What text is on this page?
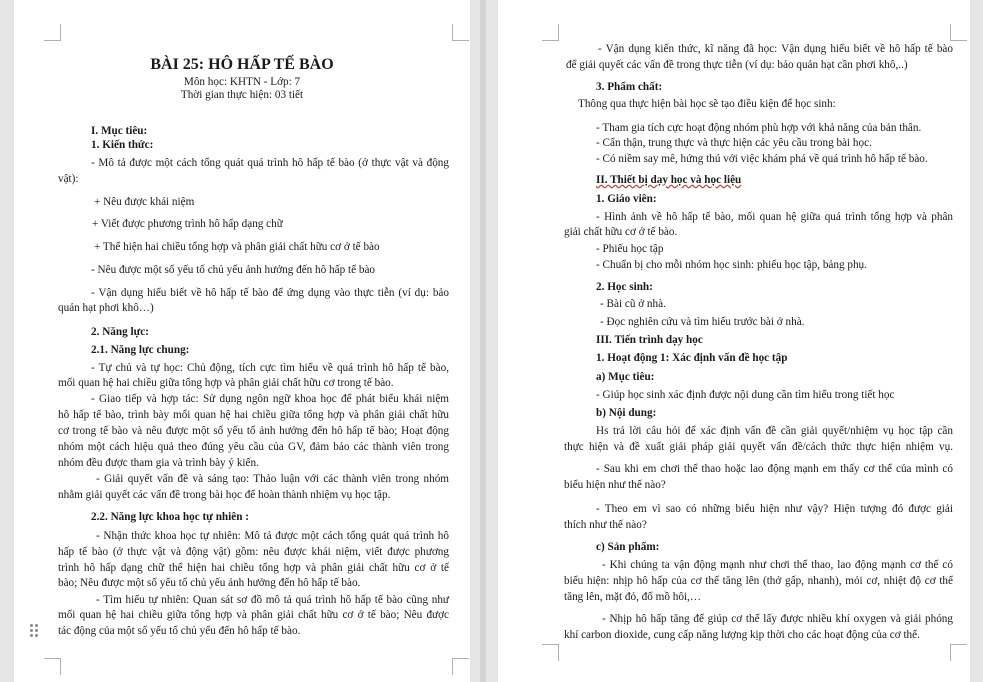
BÀI 25: HÔ HẤP TẾ BÀO
Môn học: KHTN - Lớp: 7
Thời gian thực hiện: 03 tiết
I. Mục tiêu:
1. Kiến thức:
- Mô tả được một cách tổng quát quá trình hô hấp tế bào (ở thực vật và động
vật):
+ Nêu được khái niệm
+ Viết được phương trình hô hấp dạng chữ
+ Thể hiện hai chiều tổng hợp và phân giải chất hữu cơ ở tế bào
- Nêu được một số yếu tố chủ yếu ảnh hưởng đến hô hấp tế bào
- Vận dụng hiểu biết về hô hấp tế bào để ứng dụng vào thực tiễn (ví dụ: bảo
quản hạt phơi khô…)
2. Năng lực:
2.1. Năng lực chung:
- Tự chủ và tự học: Chủ động, tích cực tìm hiểu về quá trình hô hấp tế bào,
mối quan hệ hai chiều giữa tổng hợp và phân giải chất hữu cơ trong tế bào.
- Giao tiếp và hợp tác: Sử dụng ngôn ngữ khoa học để phát biểu khái niệm
hô hấp tế bào, trình bày mối quan hệ hai chiều giữa tổng hợp và phân giải chất hữu
cơ trong tế bào và nêu được một số yếu tố ảnh hưởng đến hô hấp tế bào; Hoạt động
nhóm một cách hiệu quả theo đúng yêu cầu của GV, đảm bảo các thành viên trong
nhóm đều được tham gia và trình bày ý kiến.
- Giải quyết vấn đề và sáng tạo: Thảo luận với các thành viên trong nhóm
nhằm giải quyết các vấn đề trong bài học để hoàn thành nhiệm vụ học tập.
2.2. Năng lực khoa học tự nhiên :
- Nhận thức khoa học tự nhiên: Mô tả được một cách tổng quát quá trình hô
hấp tế bào (ở thực vật và động vật) gồm: nêu được khái niệm, viết được phương
trình hô hấp dạng chữ thể hiện hai chiều tổng hợp và phân giải chất hữu cơ ở tế
bào; Nêu được một số yếu tố chủ yếu ảnh hưởng đến hô hấp tế bào.
- Tìm hiểu tự nhiên: Quan sát sơ đồ mô tả quá trình hô hấp tế bào cũng như
mối quan hệ hai chiều giữa tổng hợp và phân giải chất hữu cơ ở tế bào; Nêu được
tác động của một số yếu tố chủ yếu đến hô hấp tế bào.
- Vận dụng kiến thức, kĩ năng đã học: Vận dụng hiểu biết về hô hấp tế bào
để giải quyết các vấn đề trong thực tiễn (ví dụ: bảo quản hạt cần phơi khô,..)
3. Phẩm chất:
Thông qua thực hiện bài học sẽ tạo điều kiện để học sinh:
- Tham gia tích cực hoạt động nhóm phù hợp với khả năng của bản thân.
- Cẩn thận, trung thực và thực hiện các yêu cầu trong bài học.
- Có niềm say mê, hứng thú với việc khám phá về quá trình hô hấp tế bào.
II. Thiết bị dạy học và học liệu
1. Giáo viên:
- Hình ảnh về hô hấp tế bào, mối quan hệ giữa quá trình tổng hợp và phân
giải chất hữu cơ ở tế bào.
- Phiếu học tập
- Chuẩn bị cho mỗi nhóm học sinh: phiếu học tập, bảng phụ.
2. Học sinh:
- Bài cũ ở nhà.
- Đọc nghiên cứu và tìm hiểu trước bài ở nhà.
III. Tiến trình dạy học
1. Hoạt động 1: Xác định vấn đề học tập
a) Mục tiêu:
- Giúp học sinh xác định được nội dung cần tìm hiểu trong tiết học
b) Nội dung:
Hs trả lời câu hỏi để xác định vấn đề cần giải quyết/nhiệm vụ học tập cần
thực hiện và đề xuất giải pháp giải quyết vấn đề/cách thức thực hiện nhiệm vụ.
- Sau khi em chơi thể thao hoặc lao động mạnh em thấy cơ thể của mình có
biểu hiện như thế nào?
- Theo em vì sao có những biểu hiện như vậy? Hiện tượng đó được giải
thích như thế nào?
c) Sản phẩm:
- Khi chúng ta vận động mạnh như chơi thể thao, lao động mạnh cơ thể có
biểu hiện: nhịp hô hấp của cơ thể tăng lên (thở gấp, nhanh), mỏi cơ, nhiệt độ cơ thể
tăng lên, mặt đỏ, đổ mồ hôi,…
- Nhịp hô hấp tăng để giúp cơ thể lấy được nhiều khí oxygen và giải phóng
khí carbon dioxide, cung cấp năng lượng kịp thời cho các hoạt động của cơ thể.
